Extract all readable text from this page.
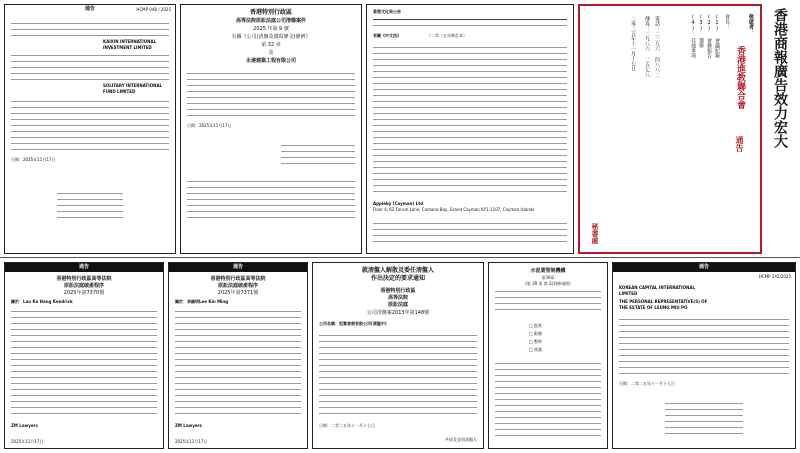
通告	HCMP 048 / 2025
KAIXIN INTERNATIONAL
INVESTMENT LIMITED
SOLITARY INTERNATIONAL
FUND LIMITED
日期：2025年11月17日
香港特別行政區
高等法院原訟法庭公司清盤案件
2025 年第 9 號
有關《公司(清盤及雜項條文)條例》
第 32 章
及
永達建築工程有限公司
日期：2025年11月17日
香港文化局公告
有關《中文法》	（二零二五年修訂本）
Appleby (Cayman) Ltd
Floor 4, 62 Forum Lane, Camana Bay, Grand Cayman KY1-1107, Cayman Islands
敬啟者：
香港進教聯合會
通告
會長：
(1) 會議紀錄
(2) 會務報告
(3) 選舉
(4) 其他事項
電話：二三九六 四八八二
傳真：二九八六 二五七八
二零二五年十一月十七日
秘書處
香港商報廣告效力宏大
通告
香港特別行政區高等法院
原訟法庭破產程序
2025年第7370號
關於：Lau Ka Hang Kendrick
ZM Lawyers
2025年11月17日
通告
香港特別行政區高等法院
原訟法庭破產程序
2025年第7371號
關於：李錦明Lee Kin Ming
ZM Lawyers
2025年11月17日
就清盤人解散及委任清盤人
作出決定的要求通知
香港特別行政區
高等法院
原訟法庭
公司清盤案2013年第148號
公司名稱：恒富發展有限公司(清盤中)
日期：二零二五年十一月十七日
共同及各別清盤人
水泥業管制機構
第39章
(第 39 章 第 2(3)條規則)
□ 批准
□ 限制
□ 暫時
□ 商業
通告
HCMP 245/2025
KOREAN CAPITAL INTERNATIONAL
LIMITED
THE PERSONAL REPRESENTATIVE(S) OF
THE ESTATE OF LEUNG MIU PO
日期：二零二五年十一月十七日
